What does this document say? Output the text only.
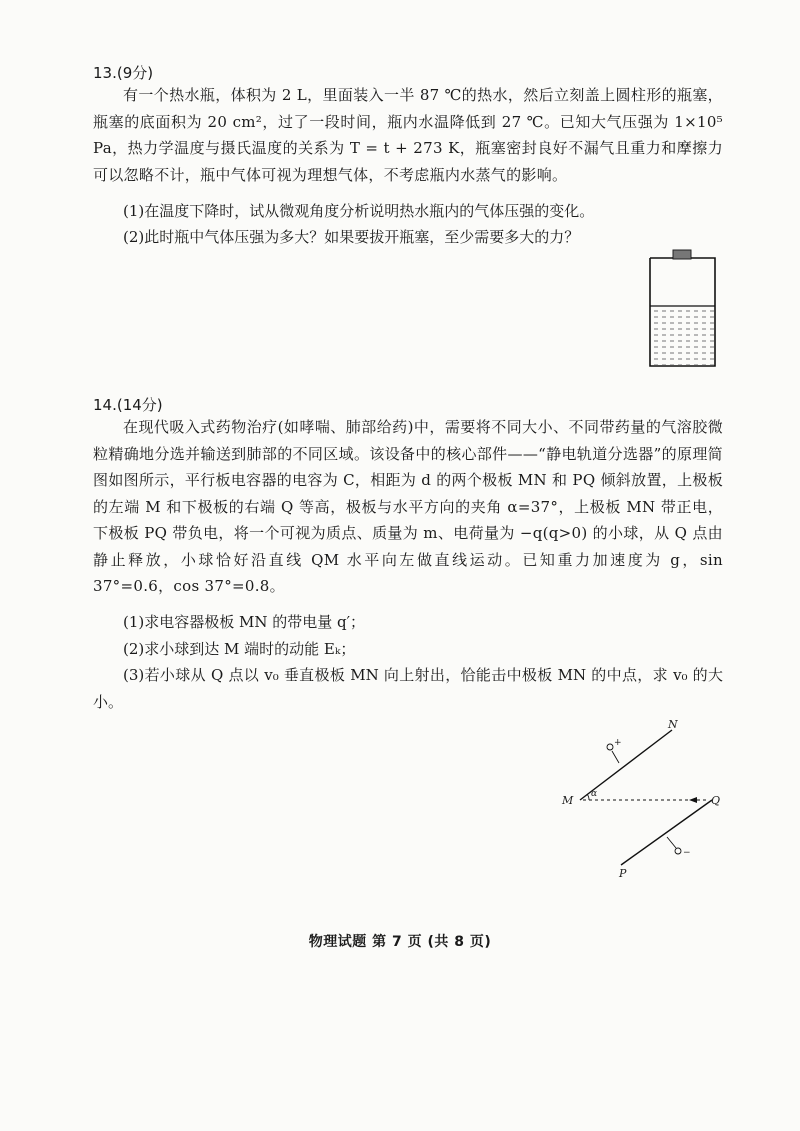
13.(9分)
有一个热水瓶，体积为 2 L，里面装入一半 87 ℃的热水，然后立刻盖上圆柱形的瓶塞，瓶塞的底面积为 20 cm²，过了一段时间，瓶内水温降低到 27 ℃。已知大气压强为 1×10⁵ Pa，热力学温度与摄氏温度的关系为 T = t + 273 K，瓶塞密封良好不漏气且重力和摩擦力可以忽略不计，瓶中气体可视为理想气体，不考虑瓶内水蒸气的影响。
(1)在温度下降时，试从微观角度分析说明热水瓶内的气体压强的变化。
(2)此时瓶中气体压强为多大？如果要拔开瓶塞，至少需要多大的力？
14.(14分)
在现代吸入式药物治疗(如哮喘、肺部给药)中，需要将不同大小、不同带药量的气溶胶微粒精确地分选并输送到肺部的不同区域。该设备中的核心部件——“静电轨道分选器”的原理简图如图所示，平行板电容器的电容为 C，相距为 d 的两个极板 MN 和 PQ 倾斜放置，上极板的左端 M 和下极板的右端 Q 等高，极板与水平方向的夹角 α=37°，上极板 MN 带正电，下极板 PQ 带负电，将一个可视为质点、质量为 m、电荷量为 −q(q>0) 的小球，从 Q 点由静止释放，小球恰好沿直线 QM 水平向左做直线运动。已知重力加速度为 g，sin 37°=0.6，cos 37°=0.8。
(1)求电容器极板 MN 的带电量 q′；
(2)求小球到达 M 端时的动能 Eₖ；
(3)若小球从 Q 点以 v₀ 垂直极板 MN 向上射出，恰能击中极板 MN 的中点，求 v₀ 的大小。
N
M	Q
P
α
+
−
物理试题 第 7 页 (共 8 页)
